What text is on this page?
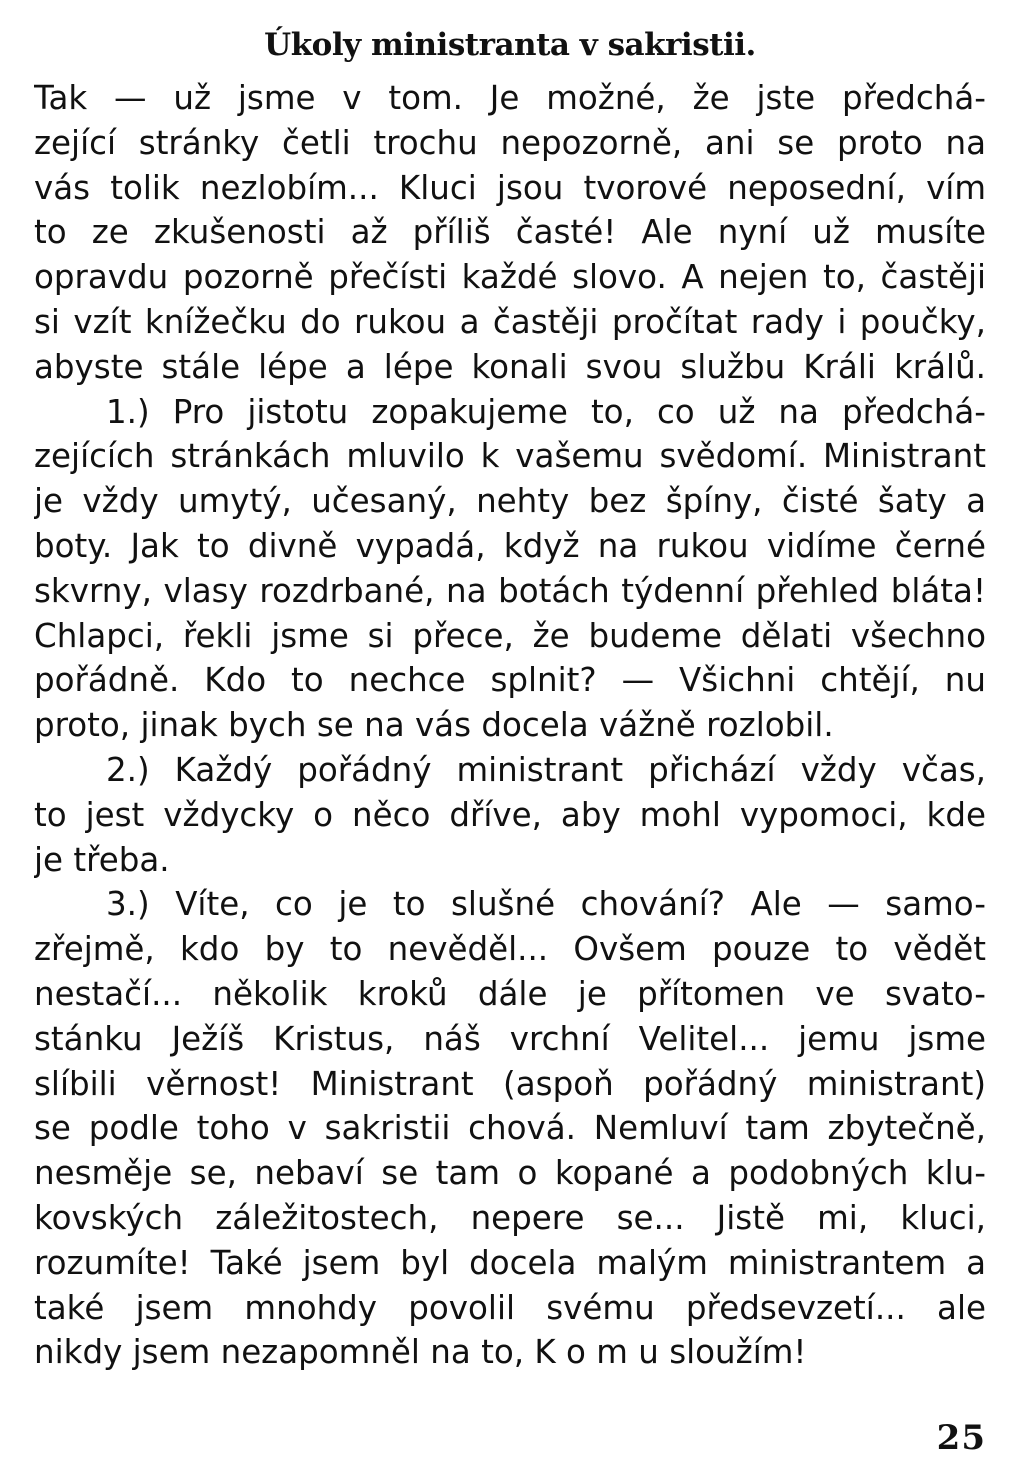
Úkoly ministranta v sakristii.
Tak — už jsme v tom. Je možné, že jste předchá-
zející stránky četli trochu nepozorně, ani se proto na
vás tolik nezlobím... Kluci jsou tvorové neposední, vím
to ze zkušenosti až příliš časté! Ale nyní už musíte
opravdu pozorně přečísti každé slovo. A nejen to, častěji
si vzít knížečku do rukou a častěji pročítat rady i poučky,
abyste stále lépe a lépe konali svou službu Králi králů.
1.) Pro jistotu zopakujeme to, co už na předchá-
zejících stránkách mluvilo k vašemu svědomí. Ministrant
je vždy umytý, učesaný, nehty bez špíny, čisté šaty a
boty. Jak to divně vypadá, když na rukou vidíme černé
skvrny, vlasy rozdrbané, na botách týdenní přehled bláta!
Chlapci, řekli jsme si přece, že budeme dělati všechno
pořádně. Kdo to nechce splnit? — Všichni chtějí, nu
proto, jinak bych se na vás docela vážně rozlobil.
2.) Každý pořádný ministrant přichází vždy včas,
to jest vždycky o něco dříve, aby mohl vypomoci, kde
je třeba.
3.) Víte, co je to slušné chování? Ale — samo-
zřejmě, kdo by to nevěděl... Ovšem pouze to vědět
nestačí... několik kroků dále je přítomen ve svato-
stánku Ježíš Kristus, náš vrchní Velitel... jemu jsme
slíbili věrnost! Ministrant (aspoň pořádný ministrant)
se podle toho v sakristii chová. Nemluví tam zbytečně,
nesměje se, nebaví se tam o kopané a podobných klu-
kovských záležitostech, nepere se... Jistě mi, kluci,
rozumíte! Také jsem byl docela malým ministrantem a
také jsem mnohdy povolil svému předsevzetí... ale
nikdy jsem nezapomněl na to, K o m u sloužím!
25
